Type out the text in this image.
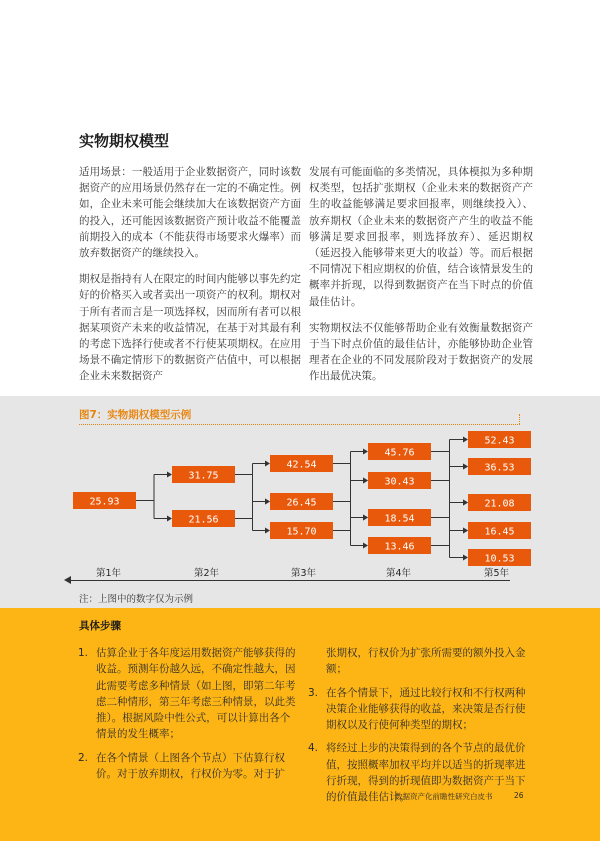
实物期权模型

适用场景：一般适用于企业数据资产，同时该数据资产的应用场景仍然存在一定的不确定性。例如，企业未来可能会继续加大在该数据资产方面的投入，还可能因该数据资产预计收益不能覆盖前期投入的成本（不能获得市场要求火爆率）而放弃数据资产的继续投入。

期权是指持有人在限定的时间内能够以事先约定好的价格买入或者卖出一项资产的权利。期权对于所有者而言是一项选择权，因而所有者可以根据某项资产未来的收益情况，在基于对其最有利的考虑下选择行使或者不行使某项期权。在应用场景不确定情形下的数据资产估值中，可以根据企业未来数据资产

发展有可能面临的多类情况，具体模拟为多种期权类型，包括扩张期权（企业未来的数据资产产生的收益能够满足要求回报率，则继续投入）、放弃期权（企业未来的数据资产产生的收益不能够满足要求回报率，则选择放弃）、延迟期权（延迟投入能够带来更大的收益）等。而后根据不同情况下相应期权的价值，结合该情景发生的概率并折现，以得到数据资产在当下时点的价值最佳估计。

实物期权法不仅能够帮助企业有效衡量数据资产于当下时点价值的最佳估计，亦能够协助企业管理者在企业的不同发展阶段对于数据资产的发展作出最优决策。

图7：实物期权模型示例
25.93
31.75
21.56
42.54
26.45
15.70
45.76
30.43
18.54
13.46
52.43
36.53
21.08
16.45
10.53
第1年	第2年	第3年	第4年	第5年
注：上图中的数字仅为示例
具体步骤
1. 估算企业于各年度运用数据资产能够获得的收益。预测年份越久远，不确定性越大，因此需要考虑多种情景（如上图，即第二年考虑二种情形，第三年考虑三种情景，以此类推）。根据风险中性公式，可以计算出各个情景的发生概率；
2. 在各个情景（上图各个节点）下估算行权价。对于放弃期权，行权价为零。对于扩
张期权，行权价为扩张所需要的额外投入金额；
3. 在各个情景下，通过比较行权和不行权两种决策企业能够获得的收益，来决策是否行使期权以及行使何种类型的期权；
4. 将经过上步的决策得到的各个节点的最优价值，按照概率加权平均并以适当的折现率进行折现，得到的折现值即为数据资产于当下的价值最佳估计。
数据资产化前瞻性研究白皮书	26
